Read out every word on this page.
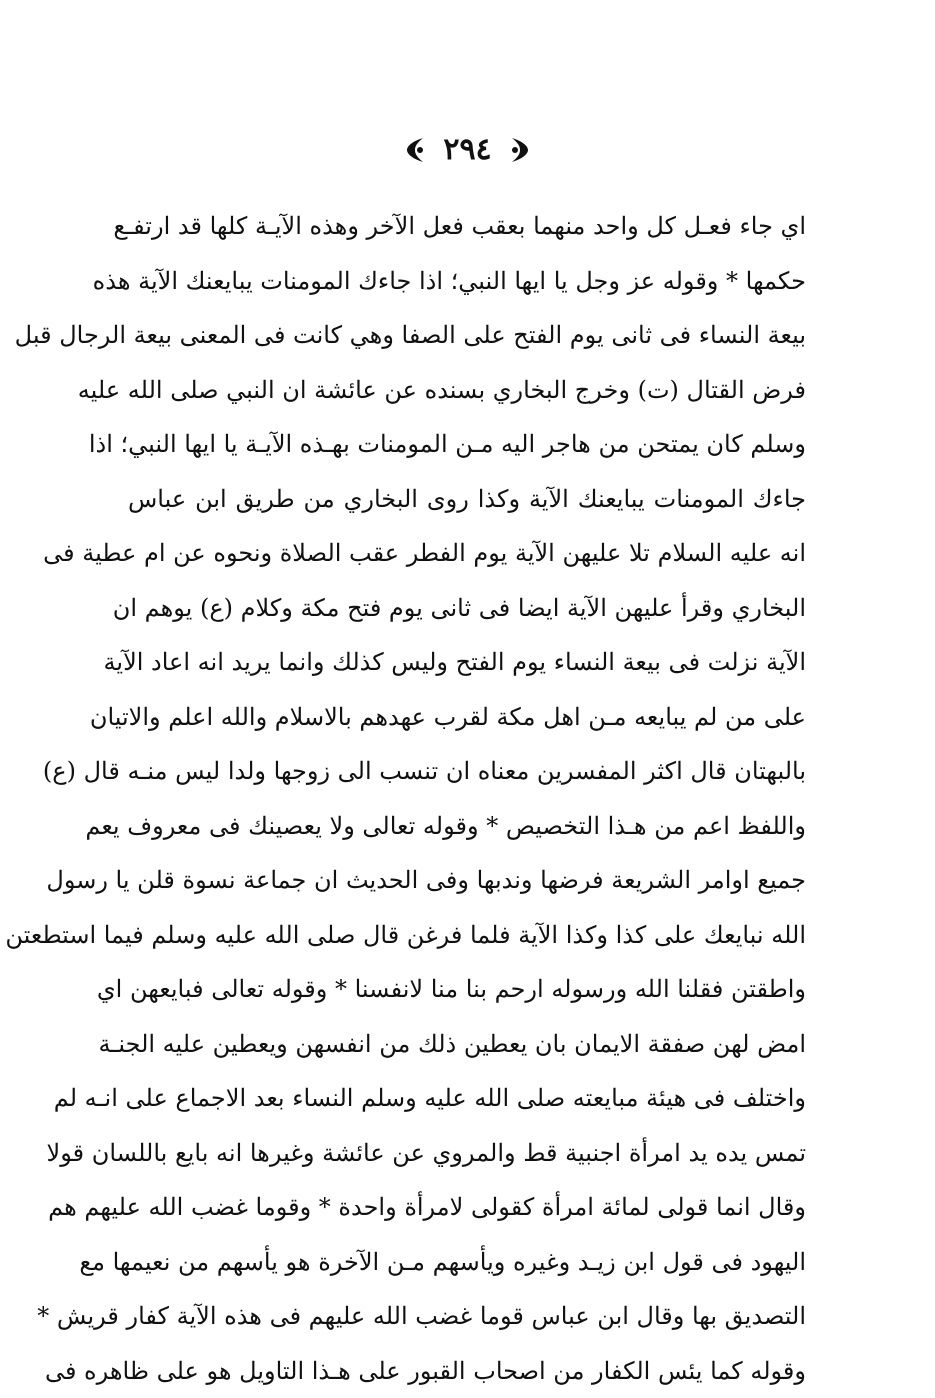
٢٩٤
اي جاء فعـل كل واحد منهما بعقب فعل الآخر وهذه الآيـة كلها قد ارتفـع
حكمها * وقوله عز وجل يا ايها النبي؛ اذا جاءك المومنات يبايعنك الآية هذه
بيعة النساء فى ثانى يوم الفتح على الصفا وهي كانت فى المعنى بيعة الرجال قبل
فرض القتال (ت) وخرج البخاري بسنده عن عائشة ان النبي صلى الله عليه
وسلم كان يمتحن من هاجر اليه مـن المومنات بهـذه الآيـة يا ايها النبي؛ اذا
جاءك المومنات يبايعنك الآية وكذا روى البخاري من طريق ابن عباس
انه عليه السلام تلا عليهن الآية يوم الفطر عقب الصلاة ونحوه عن ام عطية فى
البخاري وقرأ عليهن الآية ايضا فى ثانى يوم فتح مكة وكلام (ع) يوهم ان
الآية نزلت فى بيعة النساء يوم الفتح وليس كذلك وانما يريد انه اعاد الآية
على من لم يبايعه مـن اهل مكة لقرب عهدهم بالاسلام والله اعلم والاتيان
بالبهتان قال اكثر المفسرين معناه ان تنسب الى زوجها ولدا ليس منـه قال (ع)
واللفظ اعم من هـذا التخصيص * وقوله تعالى ولا يعصينك فى معروف يعم
جميع اوامر الشريعة فرضها وندبها وفى الحديث ان جماعة نسوة قلن يا رسول
الله نبايعك على كذا وكذا الآية فلما فرغن قال صلى الله عليه وسلم فيما استطعتن
واطقتن فقلنا الله ورسوله ارحم بنا منا لانفسنا * وقوله تعالى فبايعهن اي
امض لهن صفقة الايمان بان يعطين ذلك من انفسهن ويعطين عليه الجنـة
واختلف فى هيئة مبايعته صلى الله عليه وسلم النساء بعد الاجماع على انـه لم
تمس يده يد امرأة اجنبية قط والمروي عن عائشة وغيرها انه بايع باللسان قولا
وقال انما قولى لمائة امرأة كقولى لامرأة واحدة * وقوما غضب الله عليهم هم
اليهود فى قول ابن زيـد وغيره ويأسهم مـن الآخرة هو يأسهم من نعيمها مع
التصديق بها وقال ابن عباس قوما غضب الله عليهم فى هذه الآية كفار قريش *
وقوله كما يئس الكفار من اصحاب القبور على هـذا التاويل هو على ظاهره فى
